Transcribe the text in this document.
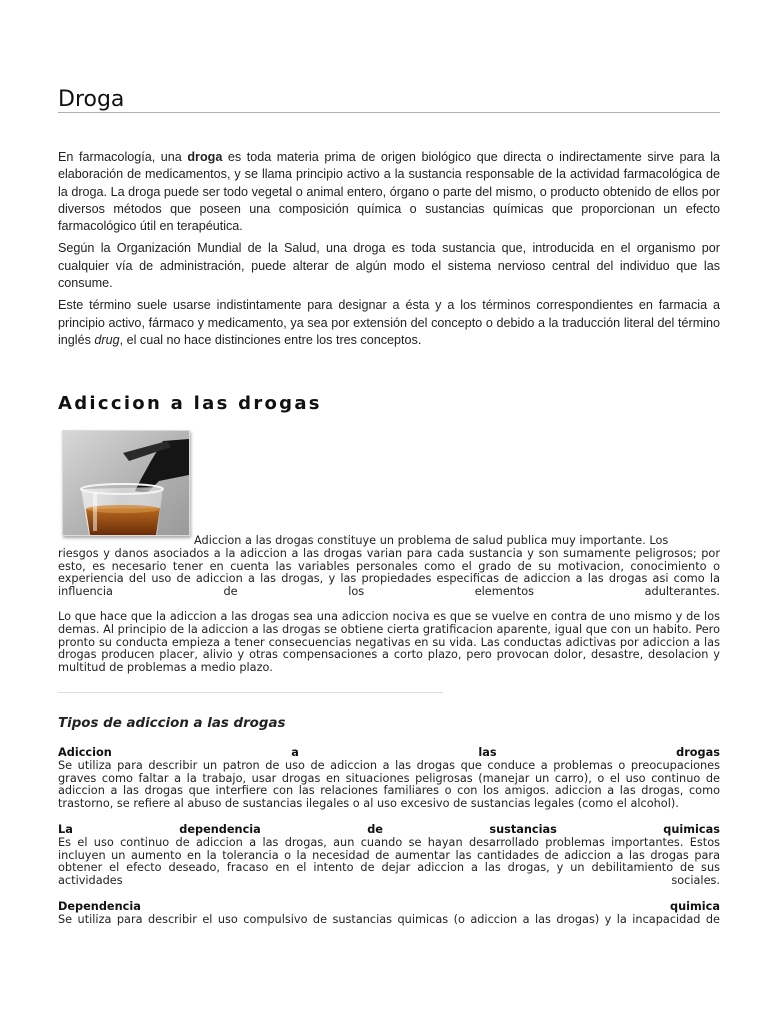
Droga

En farmacología, una droga es toda materia prima de origen biológico que directa o indirectamente sirve para la elaboración de medicamentos, y se llama principio activo a la sustancia responsable de la actividad farmacológica de la droga. La droga puede ser todo vegetal o animal entero, órgano o parte del mismo, o producto obtenido de ellos por diversos métodos que poseen una composición química o sustancias químicas que proporcionan un efecto farmacológico útil en terapéutica.

Según la Organización Mundial de la Salud, una droga es toda sustancia que, introducida en el organismo por cualquier vía de administración, puede alterar de algún modo el sistema nervioso central del individuo que las consume.

Este término suele usarse indistintamente para designar a ésta y a los términos correspondientes en farmacia a principio activo, fármaco y medicamento, ya sea por extensión del concepto o debido a la traducción literal del término inglés drug, el cual no hace distinciones entre los tres conceptos.

Adiccion a las drogas
Adiccion a las drogas constituye un problema de salud publica muy importante. Los
riesgos y danos asociados a la adiccion a las drogas varian para cada sustancia y son sumamente peligrosos; por esto, es necesario tener en cuenta las variables personales como el grado de su motivacion, conocimiento o experiencia del uso de adiccion a las drogas, y las propiedades especificas de adiccion a las drogas asi como la influencia de los elementos adulterantes.
Lo que hace que la adiccion a las drogas sea una adiccion nociva es que se vuelve en contra de uno mismo y de los demas. Al principio de la adiccion a las drogas se obtiene cierta gratificacion aparente, igual que con un habito. Pero pronto su conducta empieza a tener consecuencias negativas en su vida. Las conductas adictivas por adiccion a las drogas producen placer, alivio y otras compensaciones a corto plazo, pero provocan dolor, desastre, desolacion y multitud de problemas a medio plazo.
Tipos de adiccion a las drogas
Adiccion	a	las	drogas
Se utiliza para describir un patron de uso de adiccion a las drogas que conduce a problemas o preocupaciones graves como faltar a la trabajo, usar drogas en situaciones peligrosas (manejar un carro), o el uso continuo de adiccion a las drogas que interfiere con las relaciones familiares o con los amigos. adiccion a las drogas, como trastorno, se refiere al abuso de sustancias ilegales o al uso excesivo de sustancias legales (como el alcohol).
La	dependencia	de	sustancias	quimicas
Es el uso continuo de adiccion a las drogas, aun cuando se hayan desarrollado problemas importantes. Estos incluyen un aumento en la tolerancia o la necesidad de aumentar las cantidades de adiccion a las drogas para obtener el efecto deseado, fracaso en el intento de dejar adiccion a las drogas, y un debilitamiento de sus actividades sociales.
Dependencia	quimica
Se utiliza para describir el uso compulsivo de sustancias quimicas (o adiccion a las drogas) y la incapacidad de
